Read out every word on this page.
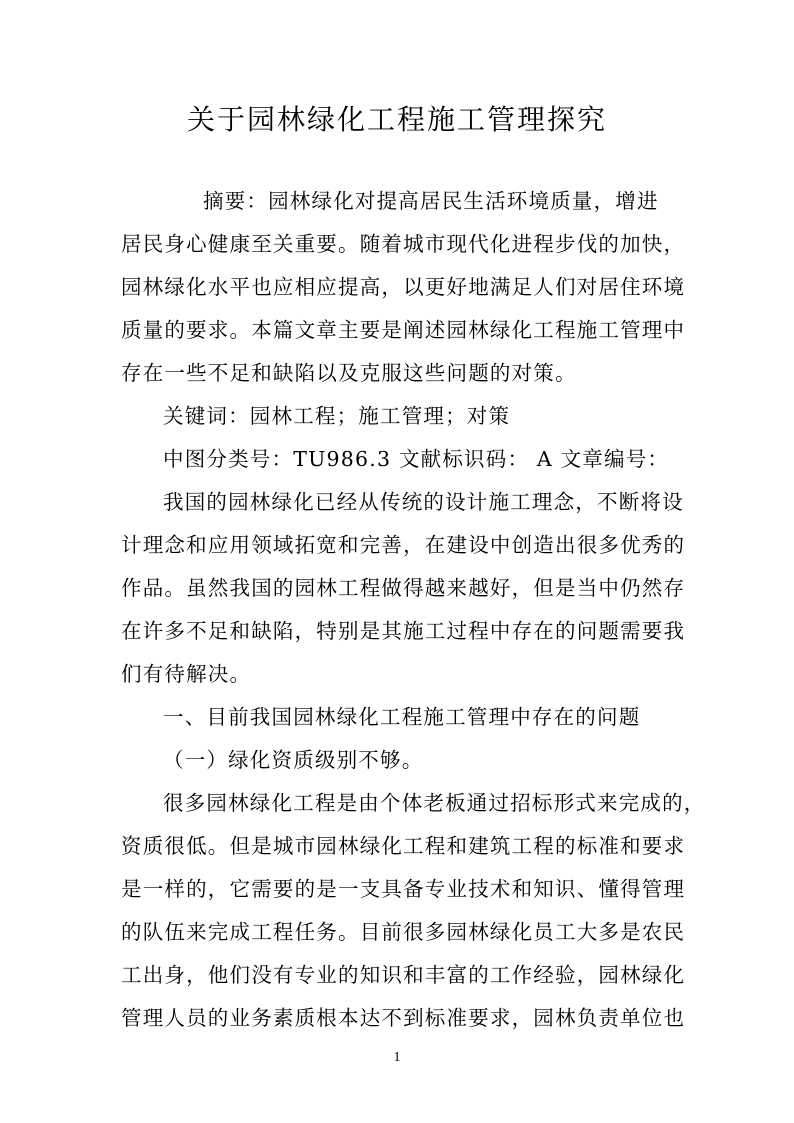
关于园林绿化工程施工管理探究
摘要：园林绿化对提高居民生活环境质量，增进
居民身心健康至关重要。随着城市现代化进程步伐的加快，
园林绿化水平也应相应提高，以更好地满足人们对居住环境
质量的要求。本篇文章主要是阐述园林绿化工程施工管理中
存在一些不足和缺陷以及克服这些问题的对策。
关键词：园林工程；施工管理；对策
中图分类号：TU986.3 文献标识码： A 文章编号：
我国的园林绿化已经从传统的设计施工理念，不断将设
计理念和应用领域拓宽和完善，在建设中创造出很多优秀的
作品。虽然我国的园林工程做得越来越好，但是当中仍然存
在许多不足和缺陷，特别是其施工过程中存在的问题需要我
们有待解决。
一、目前我国园林绿化工程施工管理中存在的问题
（一）绿化资质级别不够。
很多园林绿化工程是由个体老板通过招标形式来完成的，
资质很低。但是城市园林绿化工程和建筑工程的标准和要求
是一样的，它需要的是一支具备专业技术和知识、懂得管理
的队伍来完成工程任务。目前很多园林绿化员工大多是农民
工出身，他们没有专业的知识和丰富的工作经验，园林绿化
管理人员的业务素质根本达不到标准要求，园林负责单位也
1
